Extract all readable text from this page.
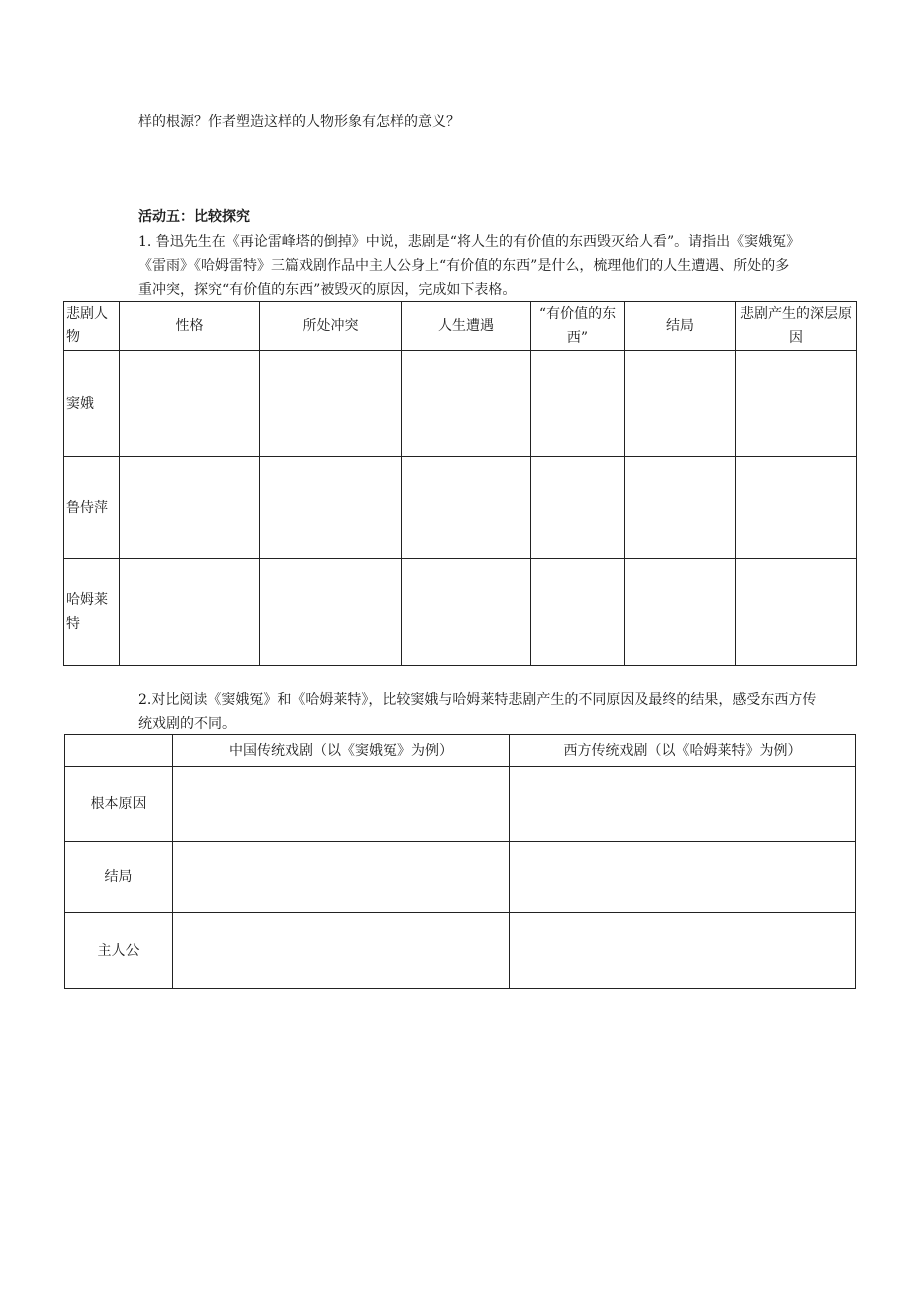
样的根源？作者塑造这样的人物形象有怎样的意义？
活动五：比较探究
1. 鲁迅先生在《再论雷峰塔的倒掉》中说，悲剧是“将人生的有价值的东西毁灭给人看”。请指出《窦娥冤》
《雷雨》《哈姆雷特》三篇戏剧作品中主人公身上“有价值的东西”是什么，梳理他们的人生遭遇、所处的多
重冲突，探究“有价值的东西”被毁灭的原因，完成如下表格。
悲剧人物	性格	所处冲突	人生遭遇	“有价值的东西”	结局	悲剧产生的深层原因
窦娥						
鲁侍萍						
哈姆莱特						
2.对比阅读《窦娥冤》和《哈姆莱特》，比较窦娥与哈姆莱特悲剧产生的不同原因及最终的结果，感受东西方传
统戏剧的不同。
	中国传统戏剧（以《窦娥冤》为例）	西方传统戏剧（以《哈姆莱特》为例）
根本原因		
结局		
主人公		
